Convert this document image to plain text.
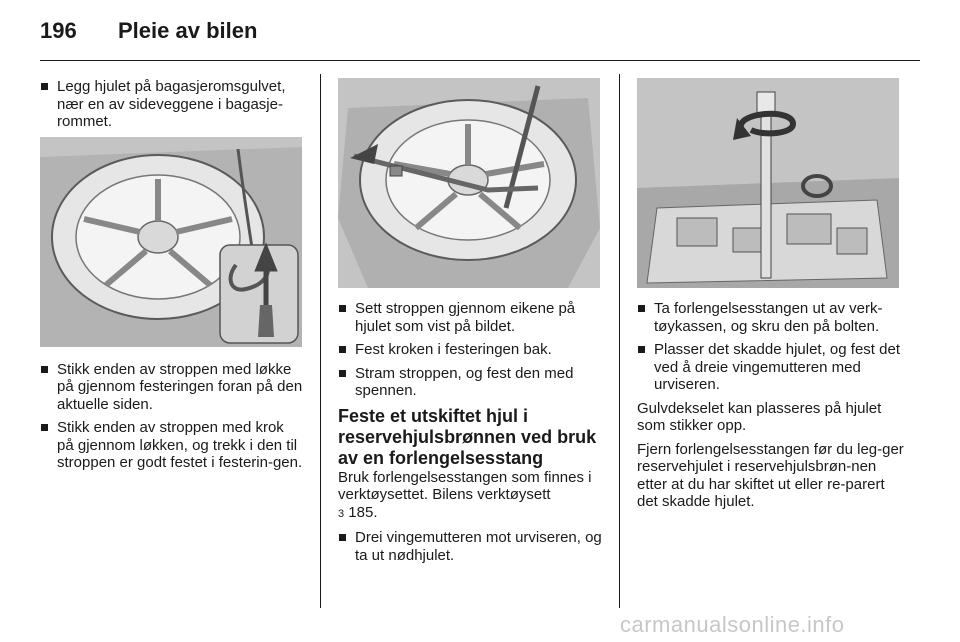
196 Pleie av bilen
Legg hjulet på bagasjeromsgulvet, nær en av sideveggene i bagasje-rommet.
Stikk enden av stroppen med løkke på gjennom festeringen foran på den aktuelle siden.
Stikk enden av stroppen med krok på gjennom løkken, og trekk i den til stroppen er godt festet i festerin-gen.
Sett stroppen gjennom eikene på hjulet som vist på bildet.
Fest kroken i festeringen bak.
Stram stroppen, og fest den med spennen.
Feste et utskiftet hjul i reservehjulsbrønnen ved bruk av en forlengelsesstang
Bruk forlengelsesstangen som finnes i verktøysettet. Bilens verktøysett
3 185.
Drei vingemutteren mot urviseren, og ta ut nødhjulet.
Ta forlengelsesstangen ut av verk-tøykassen, og skru den på bolten.
Plasser det skadde hjulet, og fest det ved å dreie vingemutteren med urviseren.
Gulvdekselet kan plasseres på hjulet som stikker opp.
Fjern forlengelsesstangen før du leg-ger reservehjulet i reservehjulsbrøn-nen etter at du har skiftet ut eller re-parert det skadde hjulet.
carmanualsonline.info
